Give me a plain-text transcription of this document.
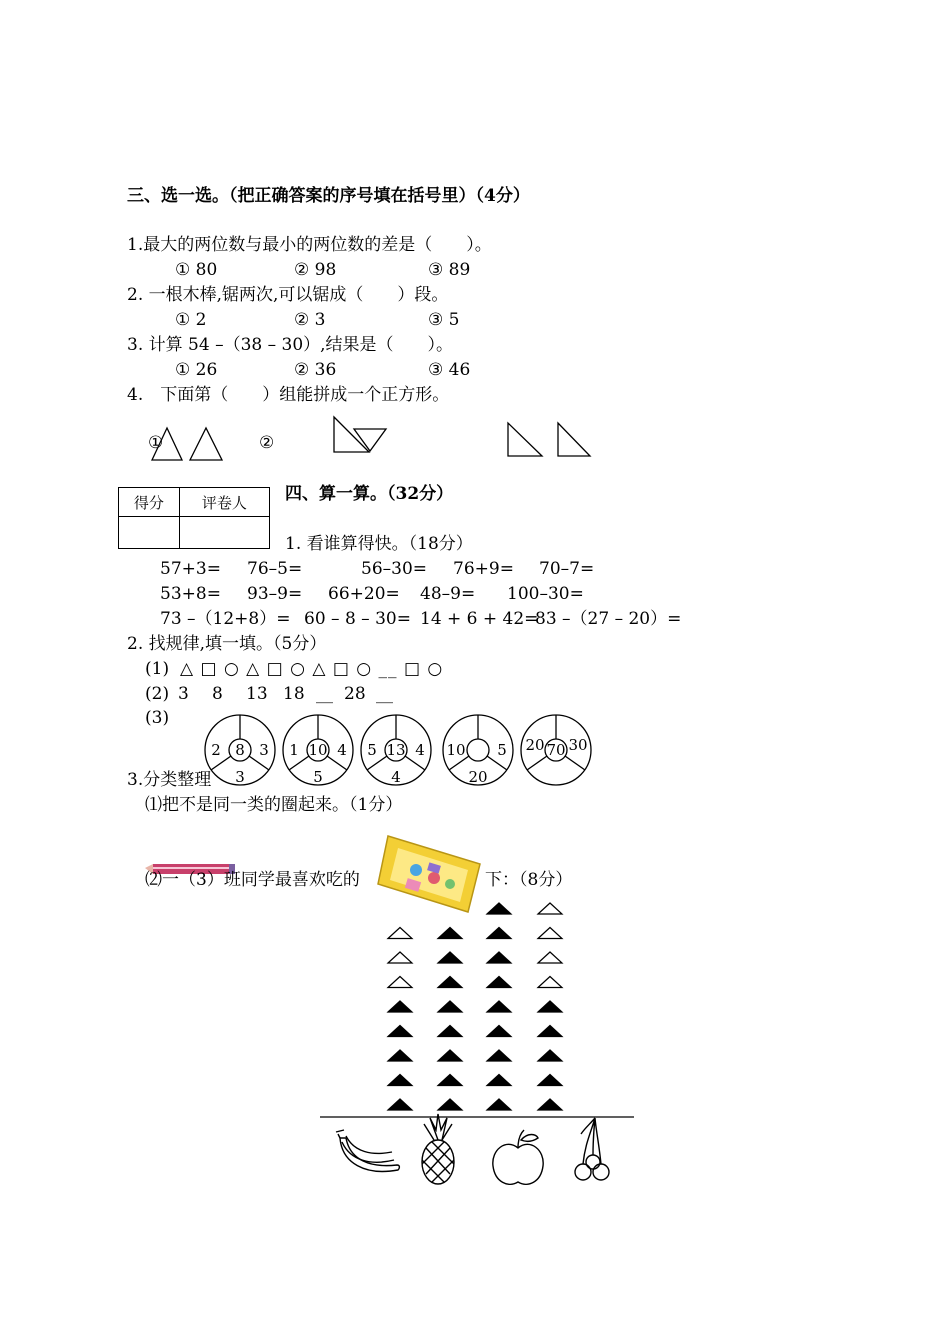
三、选一选。（把正确答案的序号填在括号里）（4分）
1.最大的两位数与最小的两位数的差是（　　）。
① 80	② 98	③ 89
2. 一根木棒,锯两次,可以锯成（　　）段。
① 2	② 3	③ 5
3. 计算 54 –（38 – 30）,结果是（　　）。
① 26	② 36	③ 46
4.　下面第（　　）组能拼成一个正方形。
①	②
得分	评卷人
	四、算一算。（32分）
1. 看谁算得快。（18分）
57+3= 76–5=	56–30= 76+9= 70–7=
53+8= 93–9= 66+20= 48–9= 100–30=
73 –（12+8）= 60 – 8 – 30= 14 + 6 + 42=
83 –（27 – 20）=
2. 找规律,填一填。（5分）
(1) △ □ ○ △ □ ○ △ □ ○ __ □ ○
(2) 3 8 13 18 __ 28 __
(3)
8
2	3
3
10
1	4
5
13
5	4
4
10 5
20
70
20 30
3.分类整理
⑴把不是同一类的圈起来。（1分）
⑵一（3）班同学最喜欢吃的	下：（8分）
